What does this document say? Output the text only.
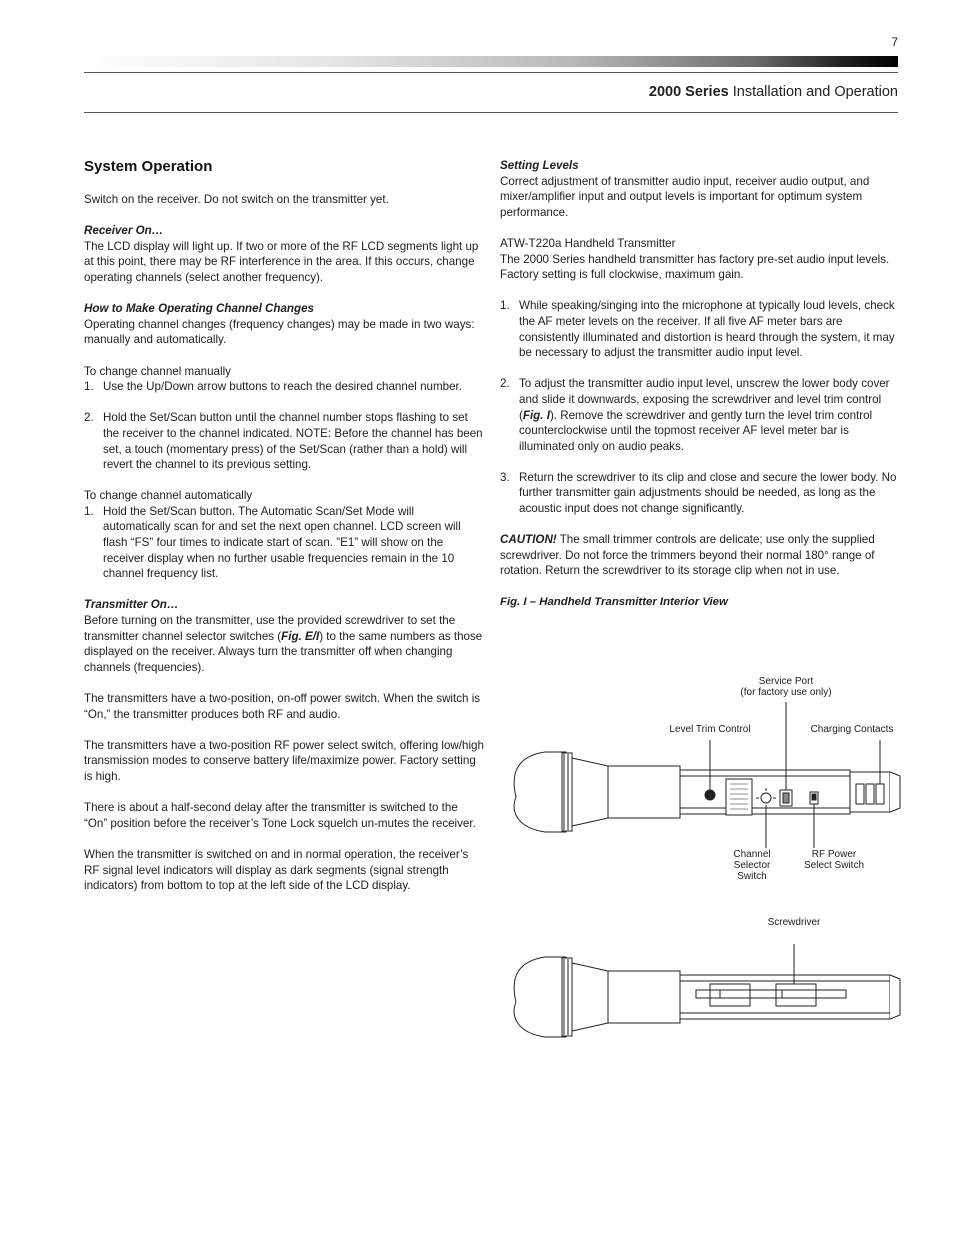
7
2000 Series Installation and Operation
System Operation

Switch on the receiver. Do not switch on the transmitter yet.

Receiver On…

The LCD display will light up. If two or more of the RF LCD segments light up at this point, there may be RF interference in the area. If this occurs, change operating channels (select another frequency).

How to Make Operating Channel Changes

Operating channel changes (frequency changes) may be made in two ways: manually and automatically.

To change channel manually
1. Use the Up/Down arrow buttons to reach the desired channel number.
2. Hold the Set/Scan button until the channel number stops flashing to set the receiver to the channel indicated. NOTE: Before the channel has been set, a touch (momentary press) of the Set/Scan (rather than a hold) will revert the channel to its previous setting.
To change channel automatically
1. Hold the Set/Scan button. The Automatic Scan/Set Mode will automatically scan for and set the next open channel. LCD screen will flash “FS” four times to indicate start of scan. ”E1” will show on the receiver display when no further usable frequencies remain in the 10 channel frequency list.
Transmitter On…

Before turning on the transmitter, use the provided screwdriver to set the transmitter channel selector switches (Fig. E/I) to the same numbers as those displayed on the receiver. Always turn the transmitter off when changing channels (frequencies).

The transmitters have a two-position, on-off power switch. When the switch is “On,” the transmitter produces both RF and audio.

The transmitters have a two-position RF power select switch, offering low/high transmission modes to conserve battery life/maximize power. Factory setting is high.

There is about a half-second delay after the transmitter is switched to the “On” position before the receiver’s Tone Lock squelch un-mutes the receiver.

When the transmitter is switched on and in normal operation, the receiver’s RF signal level indicators will display as dark segments (signal strength indicators) from bottom to top at the left side of the LCD display.

Setting Levels

Correct adjustment of transmitter audio input, receiver audio output, and mixer/amplifier input and output levels is important for optimum system performance.

ATW-T220a Handheld Transmitter

The 2000 Series handheld transmitter has factory pre-set audio input levels. Factory setting is full clockwise, maximum gain.

1. While speaking/singing into the microphone at typically loud levels, check the AF meter levels on the receiver. If all five AF meter bars are consistently illuminated and distortion is heard through the system, it may be necessary to adjust the transmitter audio input level.
2. To adjust the transmitter audio input level, unscrew the lower body cover and slide it downwards, exposing the screwdriver and level trim control (Fig. I). Remove the screwdriver and gently turn the level trim control counterclockwise until the topmost receiver AF level meter bar is illuminated only on audio peaks.
3. Return the screwdriver to its clip and close and secure the lower body. No further transmitter gain adjustments should be needed, as long as the acoustic input does not change significantly.

CAUTION! The small trimmer controls are delicate; use only the supplied screwdriver. Do not force the trimmers beyond their normal 180° range of rotation. Return the screwdriver to its storage clip when not in use.

Fig. I – Handheld Transmitter Interior View

Service Port
(for factory use only)
Level Trim Control	Charging Contacts
Channel
Selector
Switch
RF Power
Select Switch
Screwdriver
